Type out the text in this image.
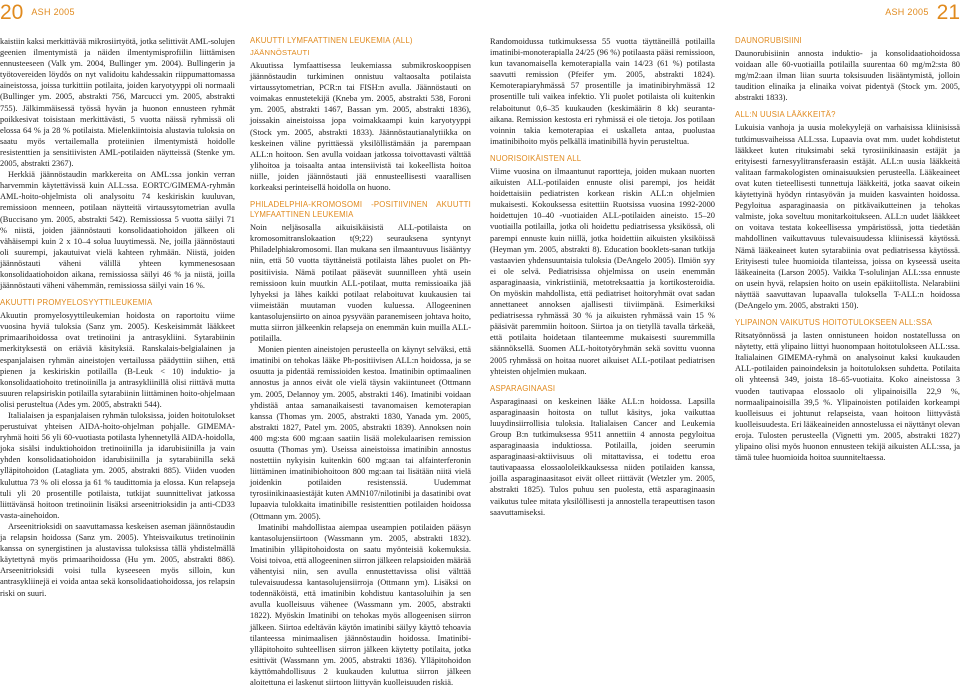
20 ASH 2005	ASH 2005 21

kaistiin kaksi merkittävää mikrosiirtyötä, jotka selittivät AML-solujen geenien ilmentymistä ja näiden ilmentymisprofiilin liittämisen ennusteeseen (Valk ym. 2004, Bullinger ym. 2004). Bullingerin ja työtovereiden löydös on nyt validoitu kahdessakin riippumattomassa aineistossa, joissa turkittiin potilaita, joiden karyotyyppi oli normaali (Bullinger ym. 2005, abstrakti 756, Marcucci ym. 2005, abstrakti 755). Jälkimmäisessä työssä hyvän ja huonon ennusteen ryhmät poikkesivat toisistaan merkittävästi, 5 vuotta näissä ryhmissä oli elossa 64 % ja 28 % potilaista. Mielenkiintoisia alustavia tuloksia on saatu myös vertailemalla proteiinien ilmentymistä hoidolle resistenttien ja sensitiivisten AML-potilaiden näytteissä (Stenke ym. 2005, abstrakti 2367).

Herkkiä jäännöstaudin markkereita on AML:ssa jonkin verran harvemmin käytettävissä kuin ALL:ssa. EORTC/GIMEMA-ryhmän AML-hoito-ohjelmista oli analysoitu 74 keskiriskin kuuluvan, remissioon menneen, potilaan näytteitä virtaussytometrian avulla (Buccisano ym. 2005, abstrakti 542). Remissiossa 5 vuotta säilyi 71 % niistä, joiden jäännöstauti konsolidaatiohoidon jälkeen oli vähäisempi kuin 2 x 10–4 solua luuytimessä. Ne, joilla jäännöstauti oli suurempi, jakautuivat vielä kahteen ryhmään. Niistä, joiden jäännöstauti väheni välillä yhteen kymmenesosaan konsolidaatiohoidon aikana, remissiossa säilyi 46 % ja niistä, joilla jäännöstauti väheni vähemmän, remissiossa säilyi vain 16 %.

AKUUTTI PROMYELOSYYTTILEUKEMIA

Akuutin promyelosyyttileukemian hoidosta on raportoitu viime vuosina hyviä tuloksia (Sanz ym. 2005). Keskeisimmät lääkkeet primaarihoidossa ovat tretinoiini ja antrasykliini. Sytarabiinin merkityksestä on eriäviä käsityksiä. Ranskalais-belgialainen ja espanjalaisen ryhmän aineistojen vertailussa päädyttiin siihen, että pienen ja keskiriskin potilailla (B-Leuk < 10) induktio- ja konsolidaatiohoito tretinoiinilla ja antrasykliinillä olisi riittävä mutta suuren relapsiriskin potilailla sytarabiinin liittäminen hoito-ohjelmaan olisi perusteltua (Ades ym. 2005, abstrakti 544).

Italialaisen ja espanjalaisen ryhmän tuloksissa, joiden hoitotulokset perustuivat yhteisen AIDA-hoito-ohjelman pohjalle. GIMEMA-ryhmä hoiti 56 yli 60-vuotiasta potilasta lyhennetyllä AIDA-hoidolla, joka sisälsi induktiohoidon tretinoiinilla ja idarubisiinilla ja vain yhden konsolidaatiohoidon idarubisiinilla ja sytarabiinilla sekä ylläpitohoidon (Latagliata ym. 2005, abstrakti 885). Viiden vuoden kuluttua 73 % oli elossa ja 61 % taudittomia ja elossa. Kun relapseja tuli yli 20 prosentille potilaista, tutkijat suunnittelivat jatkossa liittävänsä hoitoon tretinoiinin lisäksi arseenitrioksidin ja anti-CD33 vasta-ainehoidon.

Arseenitrioksidi on saavuttamassa keskeisen aseman jäännöstaudin ja relapsin hoidossa (Sanz ym. 2005). Yhteisvaikutus tretinoiinin kanssa on synergistinen ja alustavissa tuloksissa tällä yhdistelmällä käytettynä myös primaarihoidossa (Hu ym. 2005, abstrakti 886). Arseenitrioksidi voisi tulla kyseeseen myös silloin, kun antrasykliinejä ei voida antaa sekä konsolidaatiohoidossa, jos relapsin riski on suuri.

AKUUTTI LYMFAATTINEN LEUKEMIA (ALL)
JÄÄNNÖSTAUTI

Akuutissa lymfaattisessa leukemiassa submikroskooppisen jäännöstaudin turkiminen onnistuu valtaosalta potilaista virtaussytometrian, PCR:n tai FISH:n avulla. Jäännöstauti on voimakas ennustetekijä (Kneba ym. 2005, abstrakti 538, Foroni ym. 2005, abstrakti 1467, Bassan ym. 2005, abstrakti 1836), joissakin aineistoissa jopa voimakkaampi kuin karyotyyppi (Stock ym. 2005, abstrakti 1833). Jäännöstautianalytiikka on keskeinen väline pyrittäessä yksilöllistämään ja parempaan ALL:n hoitoon. Sen avulla voidaan jatkossa toivottavasti välttää ylihoitoa ja toisaalta antaa intensiivistä tai kokeellista hoitoa niille, joiden jäännöstauti jää ennusteellisesti vaarallisen korkeaksi perinteisellä hoidolla on huono.

PHILADELPHIA-KROMOSOMI -POSITIIVINEN AKUUTTI LYMFAATTINEN LEUKEMIA

Noin neljäsosalla aikuisikäisistä ALL-potilaista on kromosomitranslokaation t(9;22) seurauksena syntynyt Philadelphiakromosomi. Ilan mukana sen ilmaantuvuus lisääntyy niin, että 50 vuotta täyttäneistä potilaista lähes puolet on Ph-positiivisia. Nämä potilaat pääsevät suunnilleen yhtä usein remissioon kuin muutkin ALL-potilaat, mutta remissioaika jää lyhyeksi ja lähes kaikki potilaat relaboituvat kuukausien tai viimeistään muutaman vuoden kuluessa. Allogeeninen kantasolujensiirto on ainoa pysyvään paranemiseen johtava hoito, mutta siirron jälkeenkin relapseja on enemmän kuin muilla ALL-potilailla.

Monien pienten aineistojen perusteella on käynyt selväksi, että imatinibi on tehokas lääke Ph-positiivisen ALL:n hoidossa, ja se osuutta ja pidentää remissioiden kestoa. Imatinibin optimaalinen annostus ja annos eivät ole vielä täysin vakiintuneet (Ottmann ym. 2005, Delannoy ym. 2005, abstrakti 146). Imatinibi voidaan yhdistää antaa samanaikaisesti tavanomaisen kemoterapian kanssa (Thomas ym. 2005, abstrakti 1830, Yanada ym. 2005, abstrakti 1827, Patel ym. 2005, abstrakti 1839). Annoksen noin 400 mg:sta 600 mg:aan saatiin lisää molekulaarisen remission osuutta (Thomas ym). Useissa aineistoissa imatinibin annostus nostettiin nykyisin kuitenkin 600 mg:aan tai alfainterferonin liittäminen imatinibiohoitoon 800 mg:aan tai lisätään niitä vielä joidenkin potilaiden resistenssiä. Uudemmat tyrosiinikinaasiestäjät kuten AMN107/nilotinibi ja dasatinibi ovat lupaavia tulokkaita imatinibille resistenttien potilaiden hoidossa (Ottmann ym. 2005).

Imatinibi mahdollistaa aiempaa useampien potilaiden pääsyn kantasolujensiirtoon (Wassmann ym. 2005, abstrakti 1832). Imatinibin ylläpitohoidosta on saatu myönteisiä kokemuksia. Voisi toivoa, että allogeeninen siirron jälkeen relapsioiden määrää vähentyisi niin, sen avulla ennustettavissa olisi välttää tulevaisuudessa kantasolujensiirroja (Ottmann ym). Lisäksi on todennäköistä, että imatinibin kohdistuu kantasoluihin ja sen avulla kuolleisuus vähenee (Wassmann ym. 2005, abstrakti 1822). Myöskin Imatinibi on tehokas myös allogeenisen siirron jälkeen. Siirtoa edeltävän käytön imatinibi säilyy käyttö tehoavia tilanteessa minimaalisen jäännöstaudin hoidossa. Imatinibi-ylläpitohoito suhteellisen siirron jälkeen käytetty potilaita, jotka esittivät (Wassmann ym. 2005, abstrakti 1836). Ylläpitohoidon käyttömahdollisuus 2 kuukauden kuluttua siirron jälkeen aloitettuna ei laskenut siirtoon liittyvän kuolleisuuden riskiä.

Randomoidussa tutkimuksessa 55 vuotta täyttäneillä potilailla imatinibi-monoterapialla 24/25 (96 %) potilaasta pääsi remissioon, kun tavanomaisella kemoterapialla vain 14/23 (61 %) potilasta saavutti remission (Pfeifer ym. 2005, abstrakti 1824). Kemoterapiaryhmässä 57 prosentille ja imatinibiryhmässä 12 prosentille tuli vaikea infektio. Yli puolet potilaista oli kuitenkin relaboitunut 0,6–35 kuukauden (keskimäärin 8 kk) seuranta-aikana. Remission kestosta eri ryhmissä ei ole tietoja. Jos potilaan voinnin takia kemoterapiaa ei uskalleta antaa, puolustaa imatinibihoito myös pelkällä imatinibillä hyvin perusteltua.

NUORISOIKÄISTEN ALL

Viime vuosina on ilmaantunut raportteja, joiden mukaan nuorten aikuisten ALL-potilaiden ennuste olisi parempi, jos heidät hoidettaisiin pediatristen korkean riskin ALL:n ohjelmien mukaisesti. Kokouksessa esitettiin Ruotsissa vuosina 1992-2000 hoidettujen 10–40 -vuotiaiden ALL-potilaiden aineisto. 15–20 vuotiailla potilailla, jotka oli hoidettu pediatrisessa yksikössä, oli parempi ennuste kuin niillä, jotka hoidettiin aikuisten yksiköissä (Heyman ym. 2005, abstrakti 8). Education booklets-sanan tutkija vastaavien yhdensuuntaisia tuloksia (DeAngelo 2005). Ilmiön syy ei ole selvä. Pediatrisissa ohjelmissa on usein enemmän asparaginaasia, vinkristiiniä, metotreksaattia ja kortikosteroidia. On myöskin mahdollista, että pediatriset hoitoryhmät ovat sadan annettaneet annoksen ajallisesti tiiviimpänä. Esimerkiksi pediatrisessa ryhmässä 30 % ja aikuisten ryhmässä vain 15 % pääsivät paremmiin hoitoon. Siirtoa ja on tietyllä tavalla tärkeää, että potilaita hoidetaan tilanteemme mukaisesti suuremmilla säännöksellä. Suomen ALL-hoitotyöryhmän sekä sovittu vuonna 2005 ryhmässä on hoitaa nuoret aikuiset ALL-potilaat pediatrisen yhteisten ohjelmien mukaan.

ASPARAGINAASI

Asparaginaasi on keskeinen lääke ALL:n hoidossa. Lapsilla asparaginaasin hoitosta on tullut käsitys, joka vaikuttaa luuydinsiirrollisia tuloksia. Italialaisen Cancer and Leukemia Group B:n tutkimuksessa 9511 annettiin 4 annosta pegyloitua asparaginaasia induktiossa. Potilailla, joiden seerumin asparaginaasi-aktiivisuus oli mitattavissa, ei todettu eroa tautivapaassa elossaololeikkauksessa niiden potilaiden kanssa, joilla asparaginaasitasot eivät olleet riittävät (Wetzler ym. 2005, abstrakti 1825). Tulos puhuu sen puolesta, että asparaginaasin vaikutus tulee mitata yksilöllisesti ja annostella terapeuttisen tason saavuttamiseksi.

DAUNORUBISIINI

Daunorubisiinin annosta induktio- ja konsolidaatiohoidossa voidaan alle 60-vuotiailla potilailla suurentaa 60 mg/m2:sta 80 mg/m2:aan ilman liian suurta toksisuuden lisääntymistä, jolloin taudition elinaika ja elinaika voivat pidentyä (Stock ym. 2005, abstrakti 1833).

ALL:N UUSIA LÄÄKKEITÄ?

Lukuisia vanhoja ja uusia molekyylejä on varhaisissa kliinisissä tutkimusvaiheissa ALL:ssa. Lupaavia ovat mm. uudet kohdistetut lääkkeet kuten rituksimabi sekä tyrosiinikinaasin estäjät ja erityisesti farnesyylitransferaasin estäjät. ALL:n uusia lääkkeitä valitaan farmakologisten ominaisuuksien perusteella. Lääkeaineet ovat kuten tieteellisesti tunnettuja lääkkeitä, jotka saavat oikein käytettyinä hyödyn rintasyövän ja muiden kasvainten hoidossa. Pegyloitua asparaginaasia on pitkävaikutteinen ja tehokas valmiste, joka soveltuu monitarkoitukseen. ALL:n uudet lääkkeet on voitava testata kokeellisessa ympäristössä, jotta tiedetään mahdollinen vaikuttavuus tulevaisuudessa kliinisessä käytössä. Nämä lääkeaineet kuten sytarabiinia ovat pediatrisessa käytössä. Erityisesti tulee huomioida tilanteissa, joissa on kyseessä useita lääkeaineita (Larson 2005). Vaikka T-solulinjan ALL:ssa ennuste on usein hyvä, relapsien hoito on usein epäkiitollista. Nelarabiini näyttää saavuttavan lupaavalla tuloksella T-ALL:n hoidossa (DeAngelo ym. 2005, abstrakti 150).

YLIPAINON VAIKUTUS HOITOTULOKSEEN ALL:SSA

Ritsatyönnössä ja lasten onnistuneen hoidon nostatellussa on näytetty, että ylipaino liittyi huonompaan hoitotulokseen ALL:ssa. Italialainen GIMEMA-ryhmä on analysoinut kaksi kuukauden ALL-potilaiden painoindeksin ja hoitotuloksen suhdetta. Potilaita oli yhteensä 349, joista 18–65-vuotiaita. Koko aineistossa 3 vuoden tautivapaa elossaolo oli ylipainoisilla 22,9 %, normaalipainoisilla 39,5 %. Ylipainoisten potilaiden korkeampi kuolleisuus ei johtunut relapseista, vaan hoitoon liittyvästä kuolleisuudesta. Eri lääkeaineiden annostelussa ei näyttänyt olevan eroja. Tulosten perusteella (Vignetti ym. 2005, abstrakti 1827) ylipaino olisi myös huonon ennusteen tekijä aikuisten ALL:ssa, ja tämä tulee huomioida hoitoa suunniteltaessa.
